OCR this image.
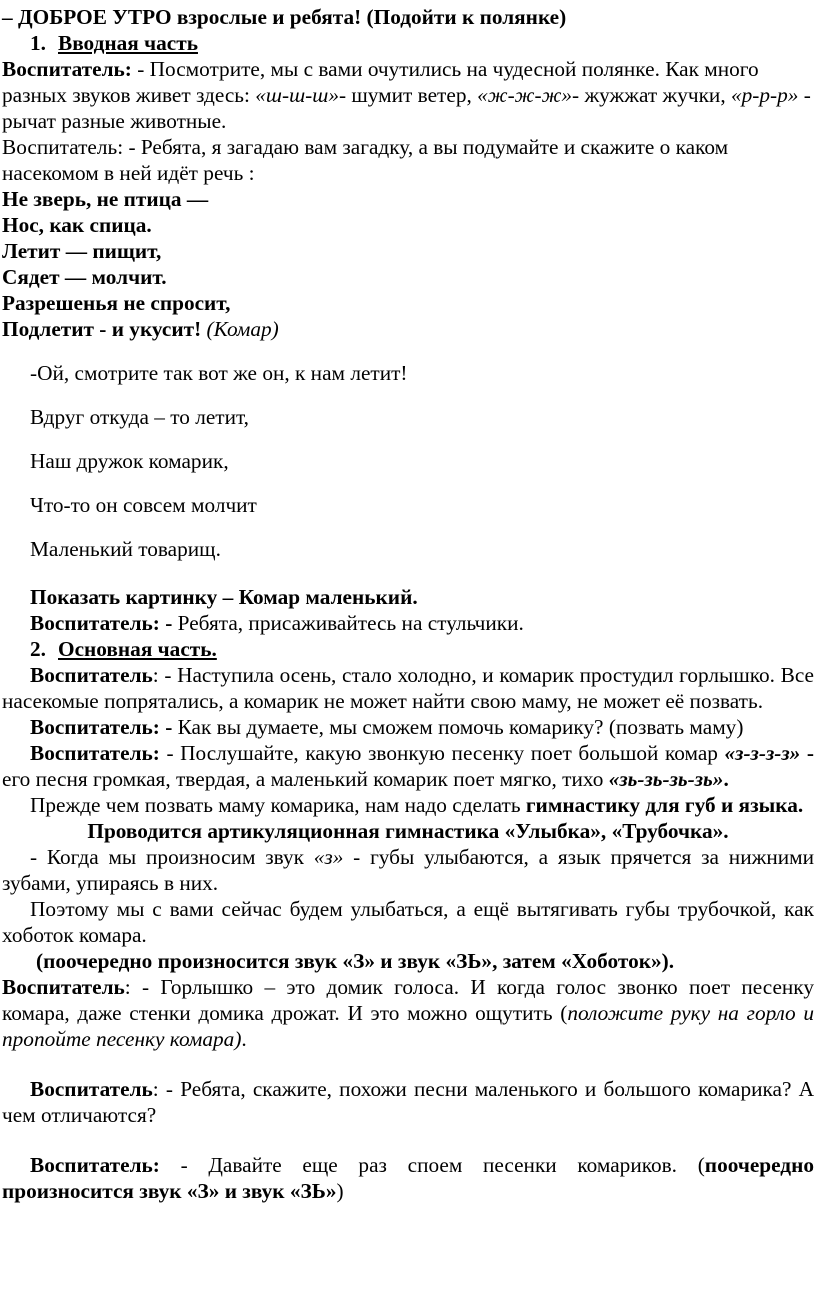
– ДОБРОЕ УТРО взрослые и ребята! (Подойти к полянке)

1. Вводная часть

Воспитатель: - Посмотрите, мы с вами очутились на чудесной полянке. Как много разных звуков живет здесь: «ш-ш-ш»- шумит ветер, «ж-ж-ж»- жужжат жучки, «р-р-р» - рычат разные животные.

Воспитатель: - Ребята, я загадаю вам загадку, а вы подумайте и скажите о каком насекомом в ней идёт речь :

Не зверь, не птица —

Нос, как спица.

Летит — пищит,

Сядет — молчит.

Разрешенья не спросит,

Подлетит - и укусит! (Комар)

-Ой, смотрите так вот же он, к нам летит!

Вдруг откуда – то летит,

Наш дружок комарик,

Что-то он совсем молчит

Маленький товарищ.

Показать картинку – Комар маленький.

Воспитатель: - Ребята, присаживайтесь на стульчики.

2. Основная часть.

Воспитатель: - Наступила осень, стало холодно, и комарик простудил горлышко. Все насекомые попрятались, а комарик не может найти свою маму, не может её позвать.

Воспитатель: - Как вы думаете, мы сможем помочь комарику? (позвать маму)

Воспитатель: - Послушайте, какую звонкую песенку поет большой комар «з-з-з-з» - его песня громкая, твердая, а маленький комарик поет мягко, тихо «зь-зь-зь-зь».

Прежде чем позвать маму комарика, нам надо сделать гимнастику для губ и языка.

Проводится артикуляционная гимнастика «Улыбка», «Трубочка».

- Когда мы произносим звук «з» - губы улыбаются, а язык прячется за нижними зубами, упираясь в них.

Поэтому мы с вами сейчас будем улыбаться, а ещё вытягивать губы трубочкой, как хоботок комара.

(поочередно произносится звук «З» и звук «ЗЬ», затем «Хоботок»).

Воспитатель: - Горлышко – это домик голоса. И когда голос звонко поет песенку комара, даже стенки домика дрожат. И это можно ощутить (положите руку на горло и пропойте песенку комара).

Воспитатель: - Ребята, скажите, похожи песни маленького и большого комарика? А чем отличаются?

Воспитатель: - Давайте еще раз споем песенки комариков. (поочередно произносится звук «З» и звук «ЗЬ»)
